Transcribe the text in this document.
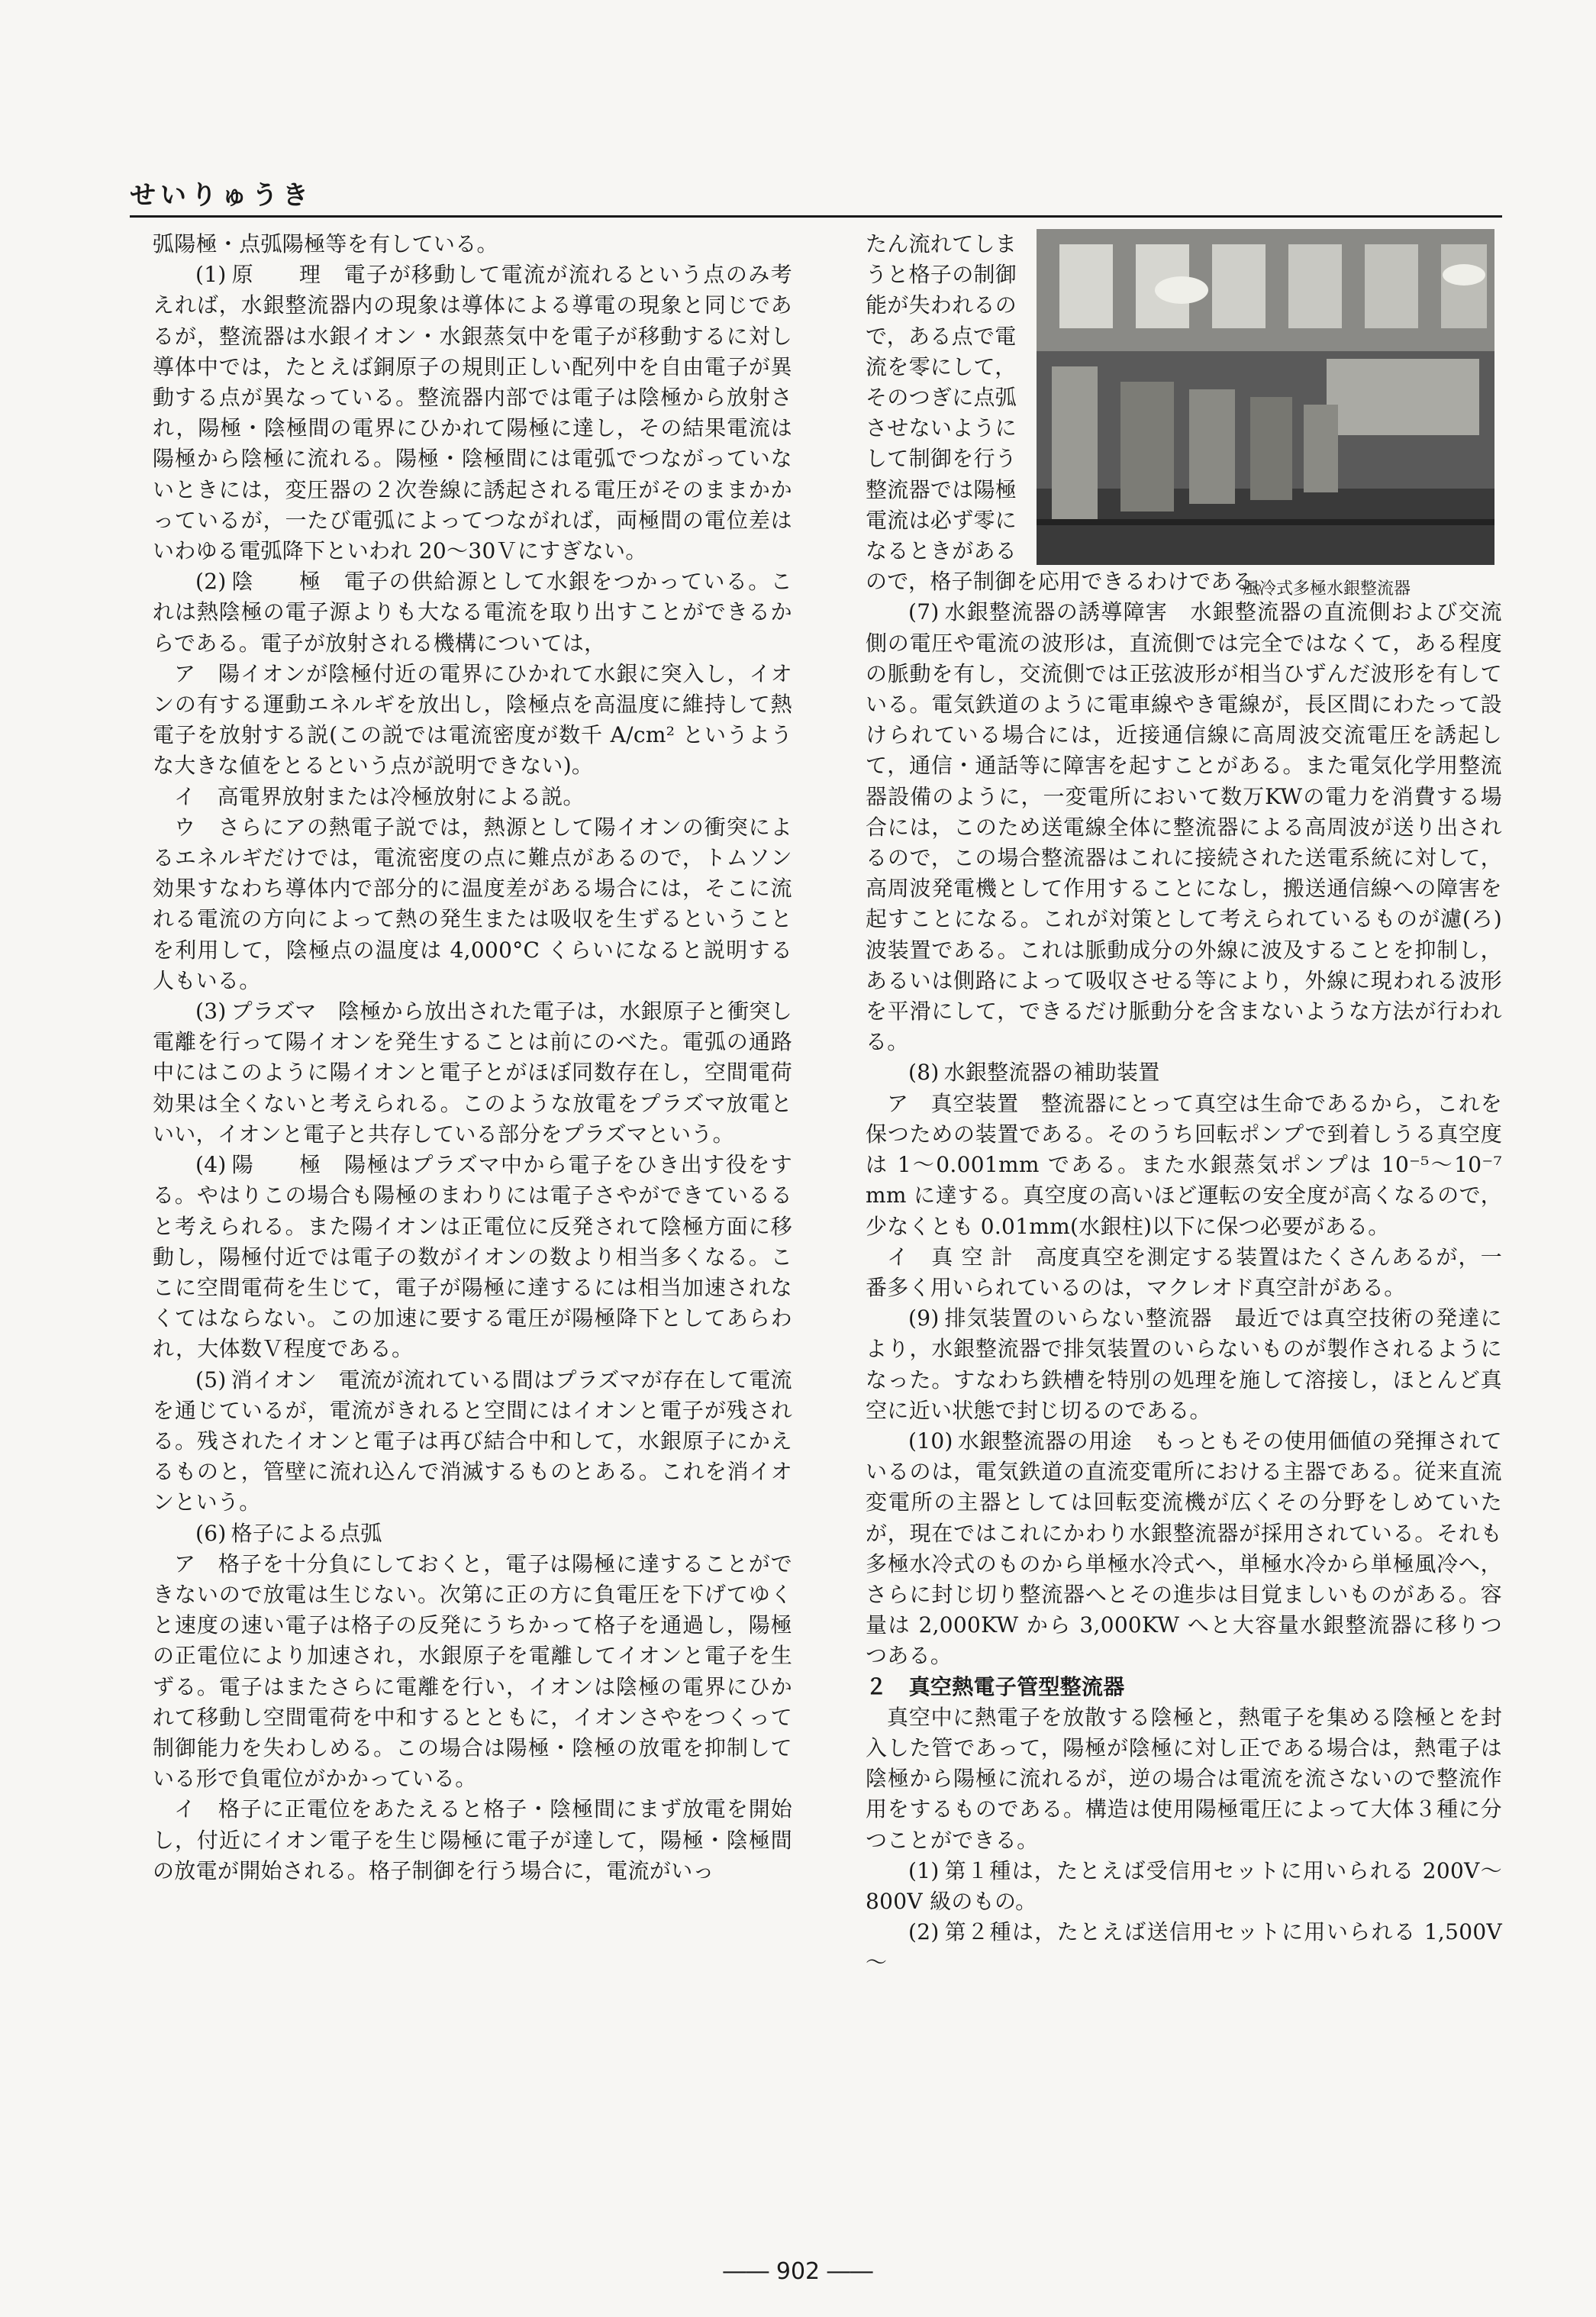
せいりゅうき

弧陽極・点弧陽極等を有している。

(1) 原　　理　電子が移動して電流が流れるという点のみ考えれば，水銀整流器内の現象は導体による導電の現象と同じであるが，整流器は水銀イオン・水銀蒸気中を電子が移動するに対し導体中では，たとえば銅原子の規則正しい配列中を自由電子が異動する点が異なっている。整流器内部では電子は陰極から放射され，陽極・陰極間の電界にひかれて陽極に達し，その結果電流は陽極から陰極に流れる。陽極・陰極間には電弧でつながっていないときには，変圧器の２次巻線に誘起される電圧がそのままかかっているが，一たび電弧によってつながれば，両極間の電位差はいわゆる電弧降下といわれ 20～30Ｖにすぎない。

(2) 陰　　極　電子の供給源として水銀をつかっている。これは熱陰極の電子源よりも大なる電流を取り出すことができるからである。電子が放射される機構については，

ア　陽イオンが陰極付近の電界にひかれて水銀に突入し，イオンの有する運動エネルギを放出し，陰極点を高温度に維持して熱電子を放射する説(この説では電流密度が数千 A/cm² というような大きな値をとるという点が説明できない)。

イ　高電界放射または冷極放射による説。

ウ　さらにアの熱電子説では，熱源として陽イオンの衝突によるエネルギだけでは，電流密度の点に難点があるので，トムソン効果すなわち導体内で部分的に温度差がある場合には，そこに流れる電流の方向によって熱の発生または吸収を生ずるということを利用して，陰極点の温度は 4,000°C くらいになると説明する人もいる。

(3) プラズマ　陰極から放出された電子は，水銀原子と衝突し電離を行って陽イオンを発生することは前にのべた。電弧の通路中にはこのように陽イオンと電子とがほぼ同数存在し，空間電荷効果は全くないと考えられる。このような放電をプラズマ放電といい，イオンと電子と共存している部分をプラズマという。

(4) 陽　　極　陽極はプラズマ中から電子をひき出す役をする。やはりこの場合も陽極のまわりには電子さやができているると考えられる。また陽イオンは正電位に反発されて陰極方面に移動し，陽極付近では電子の数がイオンの数より相当多くなる。ここに空間電荷を生じて，電子が陽極に達するには相当加速されなくてはならない。この加速に要する電圧が陽極降下としてあらわれ，大体数Ｖ程度である。

(5) 消イオン　電流が流れている間はプラズマが存在して電流を通じているが，電流がきれると空間にはイオンと電子が残される。残されたイオンと電子は再び結合中和して，水銀原子にかえるものと，管壁に流れ込んで消滅するものとある。これを消イオンという。

(6) 格子による点弧

ア　格子を十分負にしておくと，電子は陽極に達することができないので放電は生じない。次第に正の方に負電圧を下げてゆくと速度の速い電子は格子の反発にうちかって格子を通過し，陽極の正電位により加速され，水銀原子を電離してイオンと電子を生ずる。電子はまたさらに電離を行い，イオンは陰極の電界にひかれて移動し空間電荷を中和するとともに，イオンさやをつくって制御能力を失わしめる。この場合は陽極・陰極の放電を抑制している形で負電位がかかっている。

イ　格子に正電位をあたえると格子・陰極間にまず放電を開始し，付近にイオン電子を生じ陽極に電子が達して，陽極・陰極間の放電が開始される。格子制御を行う場合に，電流がいっ

たん流れてしま
うと格子の制御
能が失われるの
で，ある点で電
流を零にして，
そのつぎに点弧
させないように
して制御を行う
整流器では陽極
電流は必ず零に
なるときがある

ので，格子制御を応用できるわけである。

(7) 水銀整流器の誘導障害　水銀整流器の直流側および交流側の電圧や電流の波形は，直流側では完全ではなくて，ある程度の脈動を有し，交流側では正弦波形が相当ひずんだ波形を有している。電気鉄道のように電車線やき電線が，長区間にわたって設けられている場合には，近接通信線に高周波交流電圧を誘起して，通信・通話等に障害を起すことがある。また電気化学用整流器設備のように，一変電所において数万KWの電力を消費する場合には，このため送電線全体に整流器による高周波が送り出されるので，この場合整流器はこれに接続された送電系統に対して，高周波発電機として作用することになし，搬送通信線への障害を起すことになる。これが対策として考えられているものが濾(ろ)波装置である。これは脈動成分の外線に波及することを抑制し，あるいは側路によって吸収させる等により，外線に現われる波形を平滑にして，できるだけ脈動分を含まないような方法が行われる。

(8) 水銀整流器の補助装置

ア　真空装置　整流器にとって真空は生命であるから，これを保つための装置である。そのうち回転ポンプで到着しうる真空度は 1～0.001mm である。また水銀蒸気ポンプは 10⁻⁵～10⁻⁷ mm に達する。真空度の高いほど運転の安全度が高くなるので，少なくとも 0.01mm(水銀柱)以下に保つ必要がある。

イ　真 空 計　高度真空を測定する装置はたくさんあるが，一番多く用いられているのは，マクレオド真空計がある。

(9) 排気装置のいらない整流器　最近では真空技術の発達により，水銀整流器で排気装置のいらないものが製作されるようになった。すなわち鉄槽を特別の処理を施して溶接し，ほとんど真空に近い状態で封じ切るのである。

(10) 水銀整流器の用途　もっともその使用価値の発揮されているのは，電気鉄道の直流変電所における主器である。従来直流変電所の主器としては回転変流機が広くその分野をしめていたが，現在ではこれにかわり水銀整流器が採用されている。それも多極水冷式のものから単極水冷式へ，単極水冷から単極風冷へ，さらに封じ切り整流器へとその進歩は目覚ましいものがある。容量は 2,000KW から 3,000KW へと大容量水銀整流器に移りつつある。

２　真空熱電子管型整流器

真空中に熱電子を放散する陰極と，熱電子を集める陰極とを封入した管であって，陽極が陰極に対し正である場合は，熱電子は陰極から陽極に流れるが，逆の場合は電流を流さないので整流作用をするものである。構造は使用陽極電圧によって大体３種に分つことができる。

(1) 第１種は，たとえば受信用セットに用いられる 200V～800V 級のもの。

(2) 第２種は，たとえば送信用セットに用いられる 1,500V～

風冷式多極水銀整流器
―― 902 ――
